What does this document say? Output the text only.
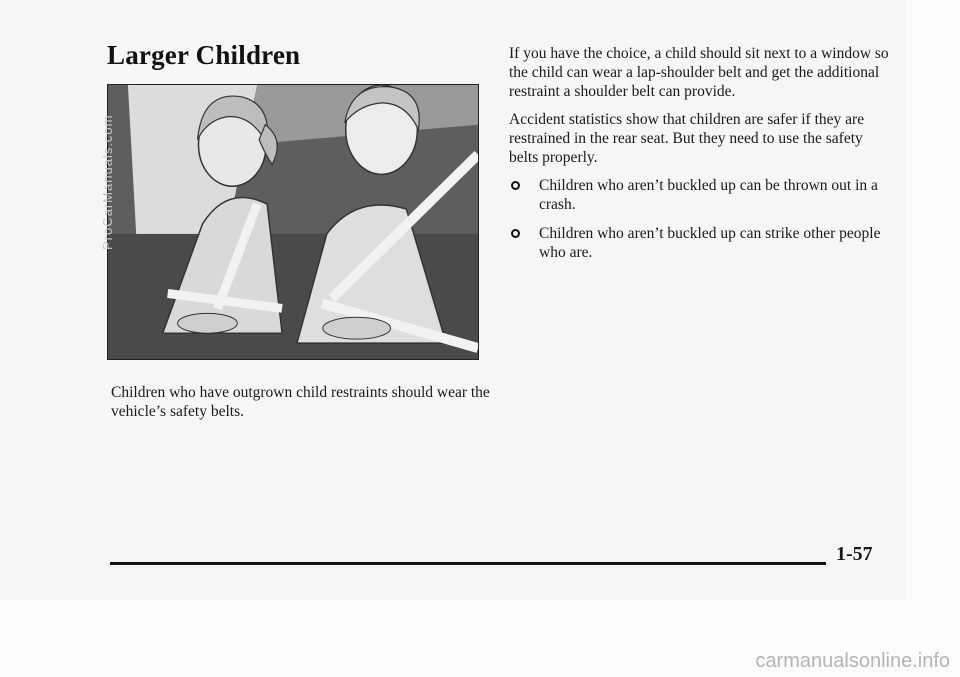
Larger Children

Children who have outgrown child restraints should wear the vehicle’s safety belts.

If you have the choice, a child should sit next to a window so the child can wear a lap-shoulder belt and get the additional restraint a shoulder belt can provide.

Accident statistics show that children are safer if they are restrained in the rear seat. But they need to use the safety belts properly.

Children who aren’t buckled up can be thrown out in a crash.
Children who aren’t buckled up can strike other people who are.
1-57
ProCarManuals.com
carmanualsonline.info
